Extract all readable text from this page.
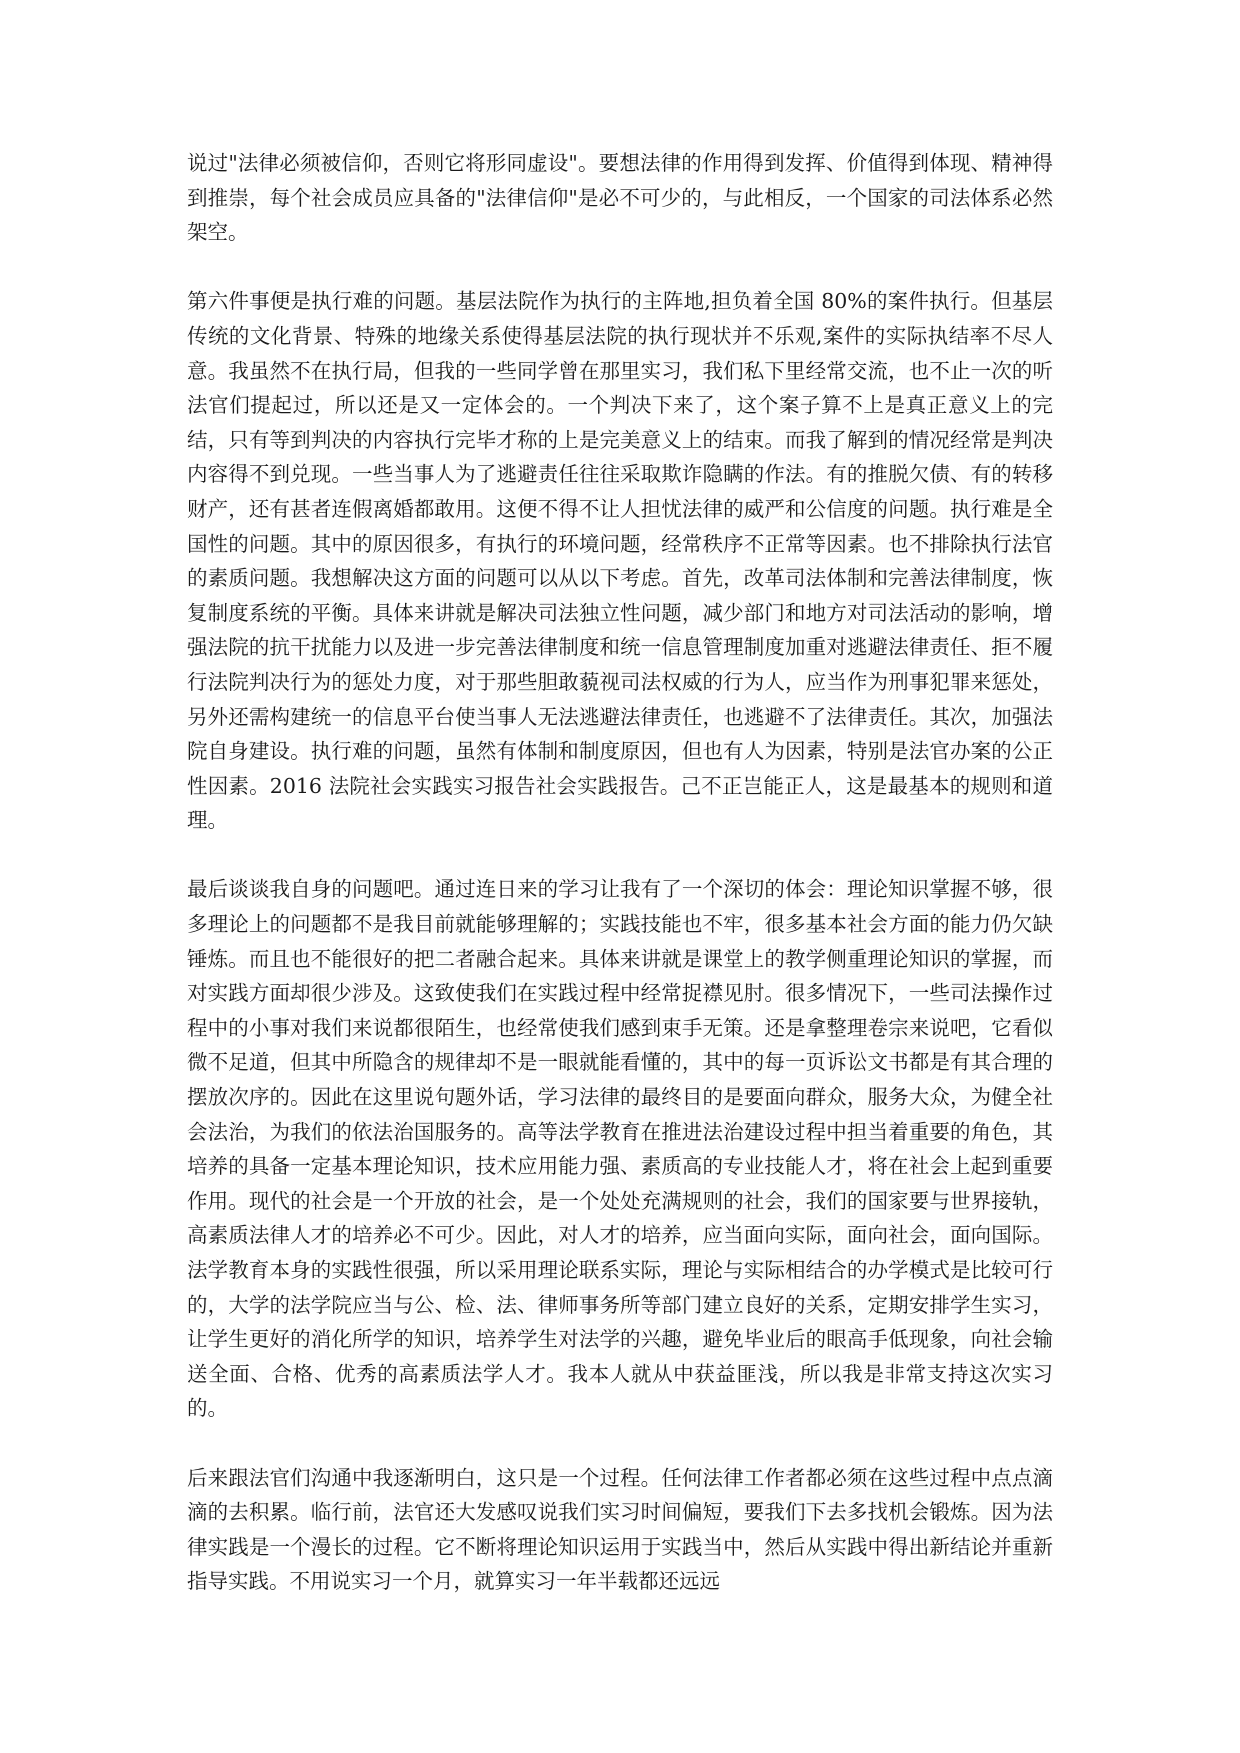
说过"法律必须被信仰，否则它将形同虚设"。要想法律的作用得到发挥、价值得到体现、精神得到推崇，每个社会成员应具备的"法律信仰"是必不可少的，与此相反，一个国家的司法体系必然架空。

第六件事便是执行难的问题。基层法院作为执行的主阵地,担负着全国 80%的案件执行。但基层传统的文化背景、特殊的地缘关系使得基层法院的执行现状并不乐观,案件的实际执结率不尽人意。我虽然不在执行局，但我的一些同学曾在那里实习，我们私下里经常交流，也不止一次的听法官们提起过，所以还是又一定体会的。一个判决下来了，这个案子算不上是真正意义上的完结，只有等到判决的内容执行完毕才称的上是完美意义上的结束。而我了解到的情况经常是判决内容得不到兑现。一些当事人为了逃避责任往往采取欺诈隐瞒的作法。有的推脱欠债、有的转移财产，还有甚者连假离婚都敢用。这便不得不让人担忧法律的威严和公信度的问题。执行难是全国性的问题。其中的原因很多，有执行的环境问题，经常秩序不正常等因素。也不排除执行法官的素质问题。我想解决这方面的问题可以从以下考虑。首先，改革司法体制和完善法律制度，恢复制度系统的平衡。具体来讲就是解决司法独立性问题，减少部门和地方对司法活动的影响，增强法院的抗干扰能力以及进一步完善法律制度和统一信息管理制度加重对逃避法律责任、拒不履行法院判决行为的惩处力度，对于那些胆敢藐视司法权威的行为人，应当作为刑事犯罪来惩处，另外还需构建统一的信息平台使当事人无法逃避法律责任，也逃避不了法律责任。其次，加强法院自身建设。执行难的问题，虽然有体制和制度原因，但也有人为因素，特别是法官办案的公正性因素。2016 法院社会实践实习报告社会实践报告。己不正岂能正人，这是最基本的规则和道理。

最后谈谈我自身的问题吧。通过连日来的学习让我有了一个深切的体会：理论知识掌握不够，很多理论上的问题都不是我目前就能够理解的；实践技能也不牢，很多基本社会方面的能力仍欠缺锤炼。而且也不能很好的把二者融合起来。具体来讲就是课堂上的教学侧重理论知识的掌握，而对实践方面却很少涉及。这致使我们在实践过程中经常捉襟见肘。很多情况下，一些司法操作过程中的小事对我们来说都很陌生，也经常使我们感到束手无策。还是拿整理卷宗来说吧，它看似微不足道，但其中所隐含的规律却不是一眼就能看懂的，其中的每一页诉讼文书都是有其合理的摆放次序的。因此在这里说句题外话，学习法律的最终目的是要面向群众，服务大众，为健全社会法治，为我们的依法治国服务的。高等法学教育在推进法治建设过程中担当着重要的角色，其培养的具备一定基本理论知识，技术应用能力强、素质高的专业技能人才，将在社会上起到重要作用。现代的社会是一个开放的社会，是一个处处充满规则的社会，我们的国家要与世界接轨，高素质法律人才的培养必不可少。因此，对人才的培养，应当面向实际，面向社会，面向国际。法学教育本身的实践性很强，所以采用理论联系实际，理论与实际相结合的办学模式是比较可行的，大学的法学院应当与公、检、法、律师事务所等部门建立良好的关系，定期安排学生实习，让学生更好的消化所学的知识，培养学生对法学的兴趣，避免毕业后的眼高手低现象，向社会输送全面、合格、优秀的高素质法学人才。我本人就从中获益匪浅，所以我是非常支持这次实习的。

后来跟法官们沟通中我逐渐明白，这只是一个过程。任何法律工作者都必须在这些过程中点点滴滴的去积累。临行前，法官还大发感叹说我们实习时间偏短，要我们下去多找机会锻炼。因为法律实践是一个漫长的过程。它不断将理论知识运用于实践当中，然后从实践中得出新结论并重新指导实践。不用说实习一个月，就算实习一年半载都还远远
